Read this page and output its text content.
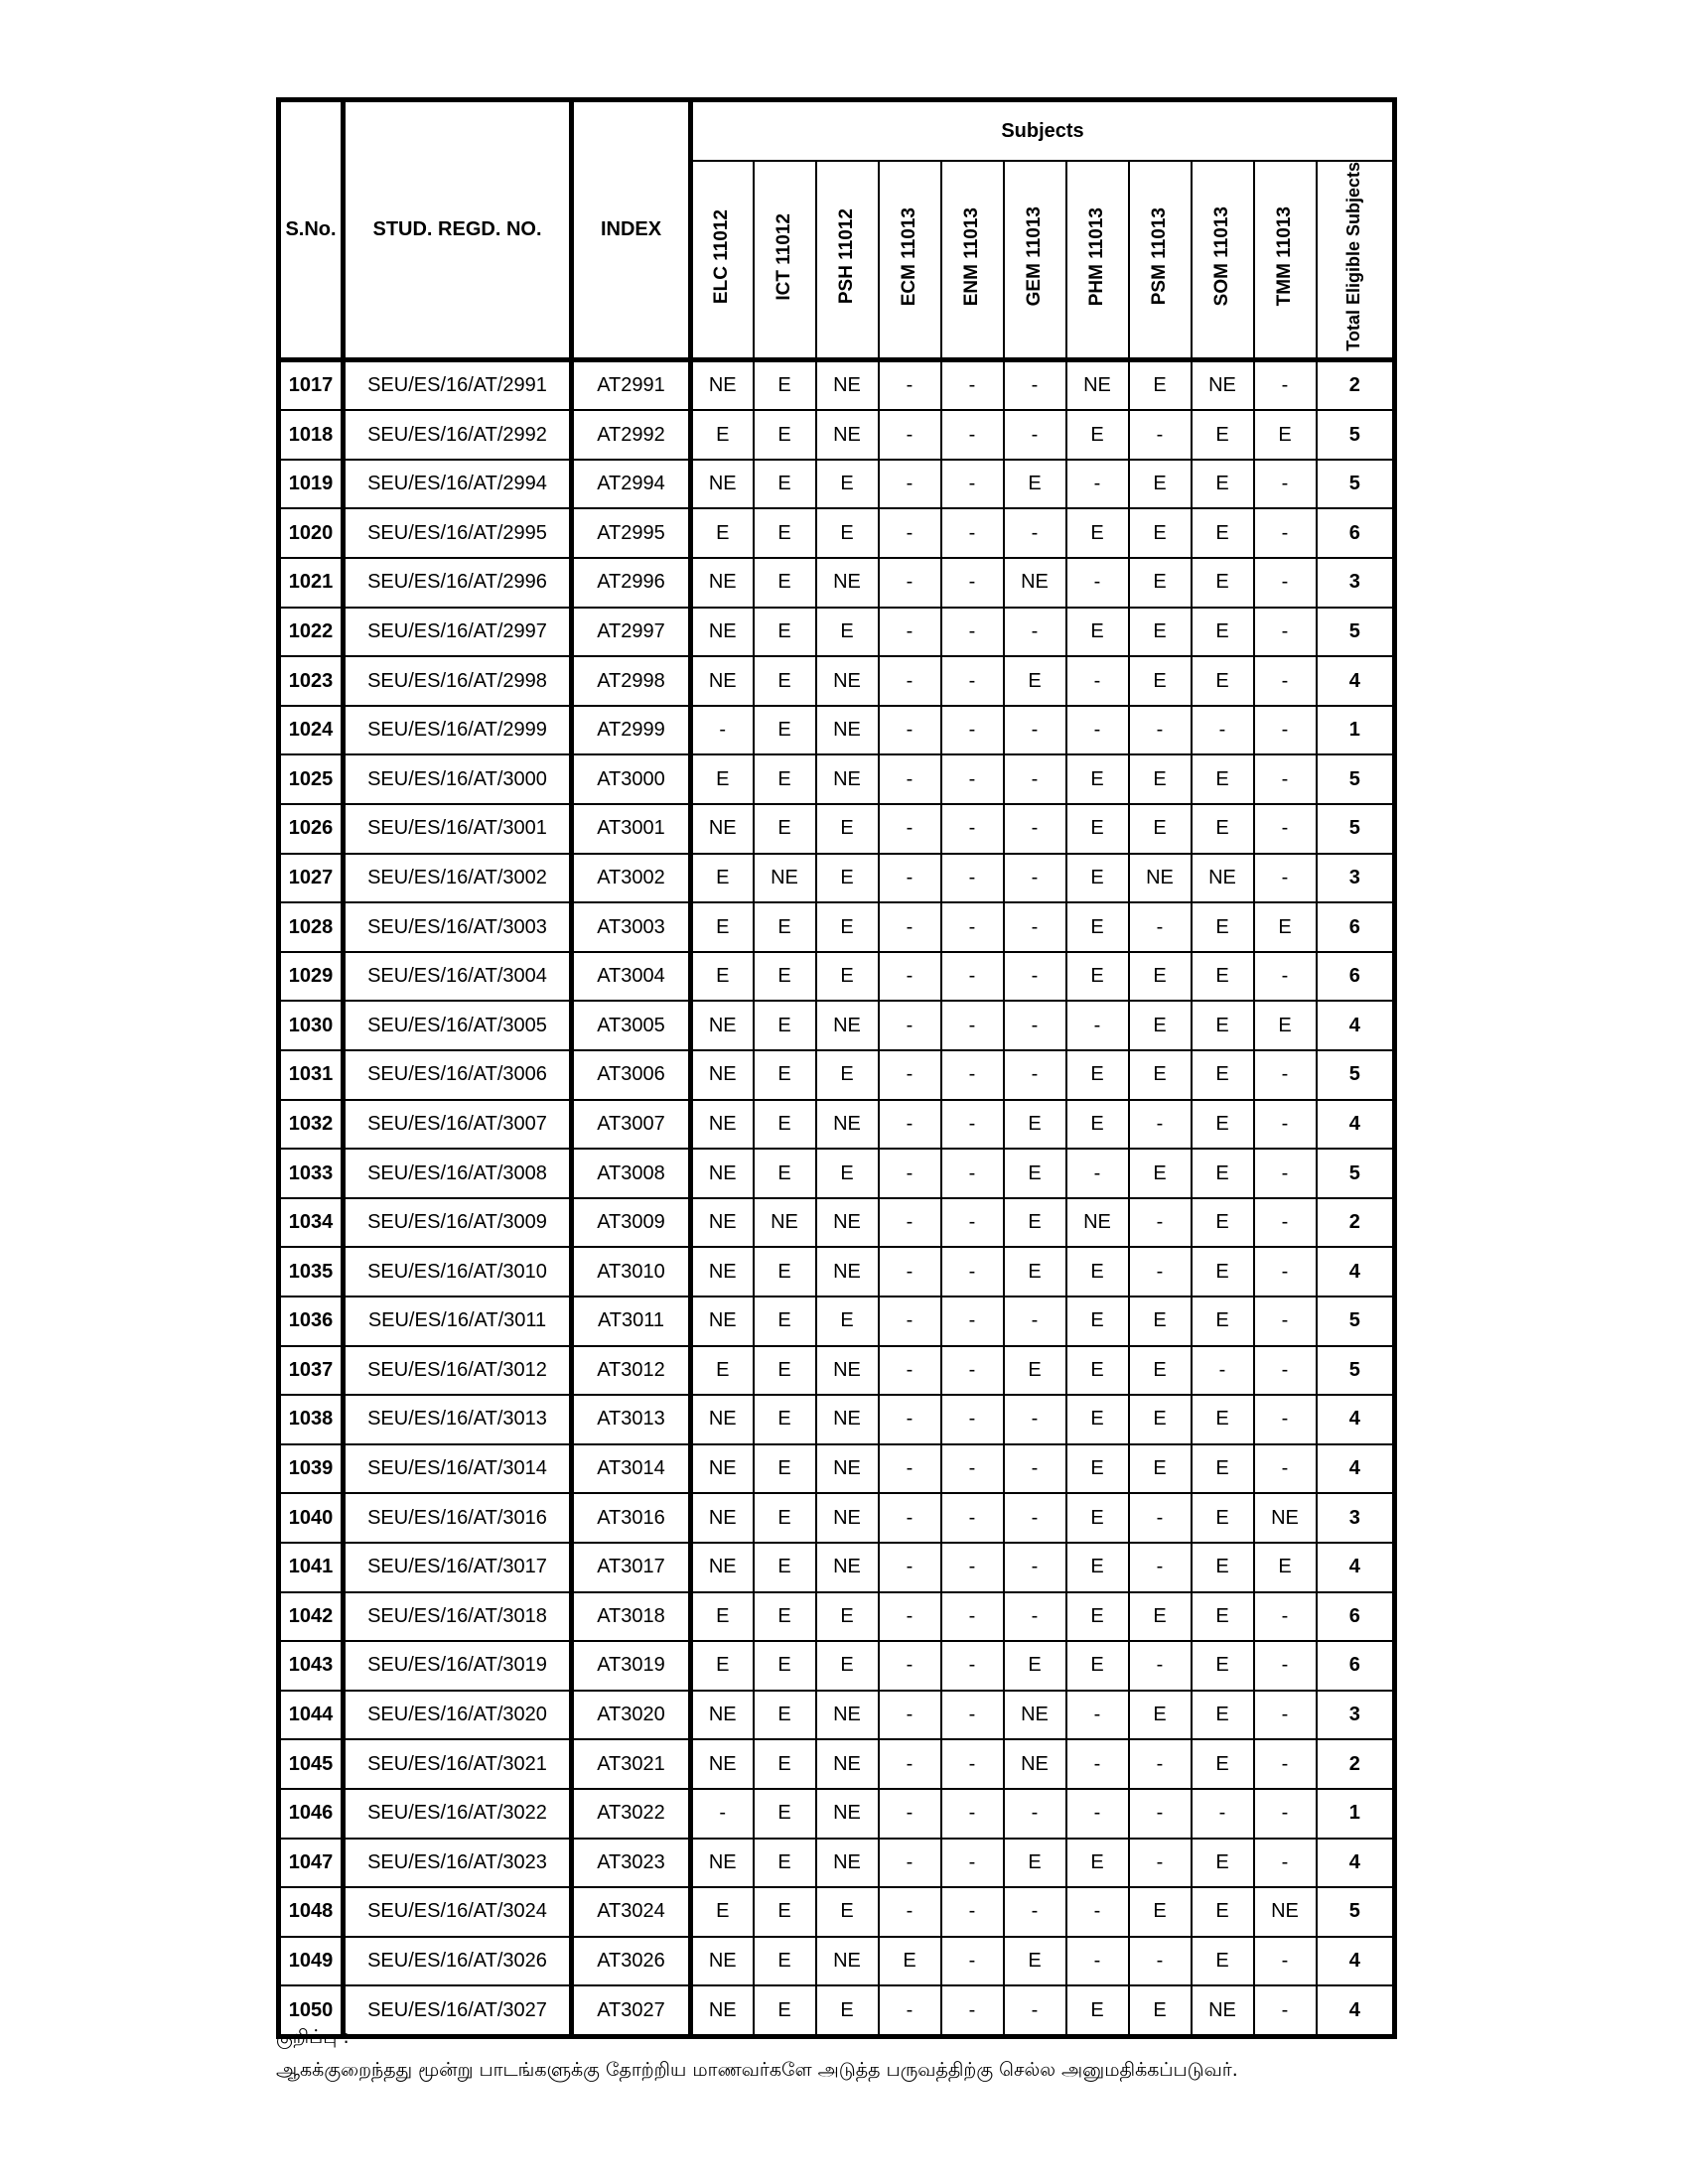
S.No.	STUD. REGD. NO.	INDEX	Subjects										
			ELC 11012	ICT 11012	PSH 11012	ECM 11013	ENM 11013	GEM 11013	PHM 11013	PSM 11013	SOM 11013	TMM 11013	Total Eligible Subjects
1017	SEU/ES/16/AT/2991	AT2991	NE	E	NE	-	-	-	NE	E	NE	-	2
1018	SEU/ES/16/AT/2992	AT2992	E	E	NE	-	-	-	E	-	E	E	5
1019	SEU/ES/16/AT/2994	AT2994	NE	E	E	-	-	E	-	E	E	-	5
1020	SEU/ES/16/AT/2995	AT2995	E	E	E	-	-	-	E	E	E	-	6
1021	SEU/ES/16/AT/2996	AT2996	NE	E	NE	-	-	NE	-	E	E	-	3
1022	SEU/ES/16/AT/2997	AT2997	NE	E	E	-	-	-	E	E	E	-	5
1023	SEU/ES/16/AT/2998	AT2998	NE	E	NE	-	-	E	-	E	E	-	4
1024	SEU/ES/16/AT/2999	AT2999	-	E	NE	-	-	-	-	-	-	-	1
1025	SEU/ES/16/AT/3000	AT3000	E	E	NE	-	-	-	E	E	E	-	5
1026	SEU/ES/16/AT/3001	AT3001	NE	E	E	-	-	-	E	E	E	-	5
1027	SEU/ES/16/AT/3002	AT3002	E	NE	E	-	-	-	E	NE	NE	-	3
1028	SEU/ES/16/AT/3003	AT3003	E	E	E	-	-	-	E	-	E	E	6
1029	SEU/ES/16/AT/3004	AT3004	E	E	E	-	-	-	E	E	E	-	6
1030	SEU/ES/16/AT/3005	AT3005	NE	E	NE	-	-	-	-	E	E	E	4
1031	SEU/ES/16/AT/3006	AT3006	NE	E	E	-	-	-	E	E	E	-	5
1032	SEU/ES/16/AT/3007	AT3007	NE	E	NE	-	-	E	E	-	E	-	4
1033	SEU/ES/16/AT/3008	AT3008	NE	E	E	-	-	E	-	E	E	-	5
1034	SEU/ES/16/AT/3009	AT3009	NE	NE	NE	-	-	E	NE	-	E	-	2
1035	SEU/ES/16/AT/3010	AT3010	NE	E	NE	-	-	E	E	-	E	-	4
1036	SEU/ES/16/AT/3011	AT3011	NE	E	E	-	-	-	E	E	E	-	5
1037	SEU/ES/16/AT/3012	AT3012	E	E	NE	-	-	E	E	E	-	-	5
1038	SEU/ES/16/AT/3013	AT3013	NE	E	NE	-	-	-	E	E	E	-	4
1039	SEU/ES/16/AT/3014	AT3014	NE	E	NE	-	-	-	E	E	E	-	4
1040	SEU/ES/16/AT/3016	AT3016	NE	E	NE	-	-	-	E	-	E	NE	3
1041	SEU/ES/16/AT/3017	AT3017	NE	E	NE	-	-	-	E	-	E	E	4
1042	SEU/ES/16/AT/3018	AT3018	E	E	E	-	-	-	E	E	E	-	6
1043	SEU/ES/16/AT/3019	AT3019	E	E	E	-	-	E	E	-	E	-	6
1044	SEU/ES/16/AT/3020	AT3020	NE	E	NE	-	-	NE	-	E	E	-	3
1045	SEU/ES/16/AT/3021	AT3021	NE	E	NE	-	-	NE	-	-	E	-	2
1046	SEU/ES/16/AT/3022	AT3022	-	E	NE	-	-	-	-	-	-	-	1
1047	SEU/ES/16/AT/3023	AT3023	NE	E	NE	-	-	E	E	-	E	-	4
1048	SEU/ES/16/AT/3024	AT3024	E	E	E	-	-	-	-	E	E	NE	5
1049	SEU/ES/16/AT/3026	AT3026	NE	E	NE	E	-	E	-	-	E	-	4
1050	SEU/ES/16/AT/3027	AT3027	NE	E	E	-	-	-	E	E	NE	-	4
குறிப்பு :
ஆகக்குறைந்தது மூன்று பாடங்களுக்கு தோற்றிய மாணவர்களே அடுத்த பருவத்திற்கு செல்ல அனுமதிக்கப்படுவர்.
